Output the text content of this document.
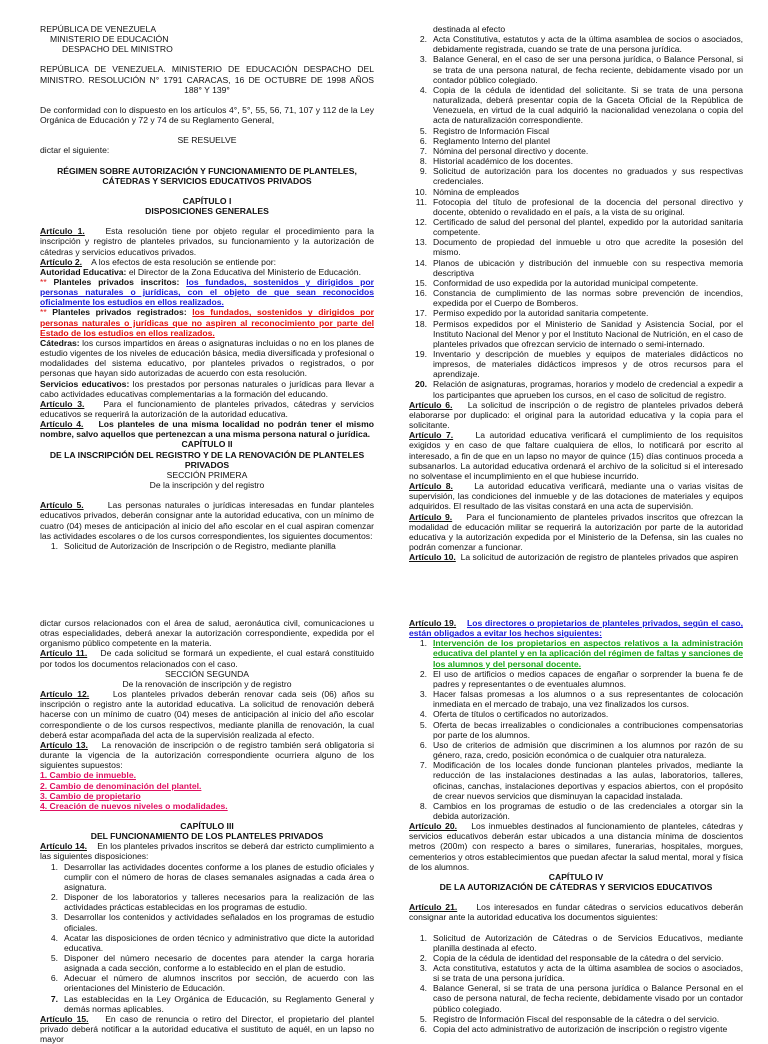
REPÚBLICA DE VENEZUELA

MINISTERIO DE EDUCACIÓN

DESPACHO DEL MINISTRO

REPÚBLICA DE VENEZUELA. MINISTERIO DE EDUCACIÓN DESPACHO DEL MINISTRO. RESOLUCIÓN N° 1791 CARACAS, 16 DE OCTUBRE DE 1998 AÑOS 188° Y 139°

De conformidad con lo dispuesto en los artículos 4°, 5°, 55, 56, 71, 107 y 112 de la Ley Orgánica de Educación y 72 y 74 de su Reglamento General,

SE RESUELVE

dictar el siguiente:

RÉGIMEN SOBRE AUTORIZACIÓN Y FUNCIONAMIENTO DE PLANTELES, CÁTEDRAS Y SERVICIOS EDUCATIVOS PRIVADOS

CAPÍTULO I

DISPOSICIONES GENERALES

Artículo 1. Esta resolución tiene por objeto regular el procedimiento para la inscripción y registro de planteles privados, su funcionamiento y la autorización de cátedras y servicios educativos privados.

Artículo 2. A los efectos de esta resolución se entiende por:

Autoridad Educativa: el Director de la Zona Educativa del Ministerio de Educación.

** Planteles privados inscritos: los fundados, sostenidos y dirigidos por personas naturales o jurídicas, con el objeto de que sean reconocidos oficialmente los estudios en ellos realizados.

** Planteles privados registrados: los fundados, sostenidos y dirigidos por personas naturales o jurídicas que no aspiren al reconocimiento por parte del Estado de los estudios en ellos realizados.

Cátedras: los cursos impartidos en áreas o asignaturas incluidas o no en los planes de estudio vigentes de los niveles de educación básica, media diversificada y profesional o modalidades del sistema educativo, por planteles privados o registrados, o por personas que hayan sido autorizadas de acuerdo con esta resolución.

Servicios educativos: los prestados por personas naturales o jurídicas para llevar a cabo actividades educativas complementarias a la formación del educando.

Artículo 3. Para el funcionamiento de planteles privados, cátedras y servicios educativos se requerirá la autorización de la autoridad educativa.

Artículo 4. Los planteles de una misma localidad no podrán tener el mismo nombre, salvo aquellos que pertenezcan a una misma persona natural o jurídica.

CAPÍTULO II

DE LA INSCRIPCIÓN DEL REGISTRO Y DE LA RENOVACIÓN DE PLANTELES PRIVADOS

SECCIÓN PRIMERA

De la inscripción y del registro

Artículo 5.	Las personas naturales o jurídicas interesadas en fundar planteles educativos privados, deberán consignar ante la autoridad educativa, con un mínimo de cuatro (04) meses de anticipación al inicio del año escolar en el cual aspiran comenzar las actividades escolares o de los cursos correspondientes, los siguientes documentos:

1. Solicitud de Autorización de Inscripción o de Registro, mediante planilla

destinada al efecto

2. Acta Constitutiva, estatutos y acta de la última asamblea de socios o asociados, debidamente registrada, cuando se trate de una persona jurídica.
3. Balance General, en el caso de ser una persona jurídica, o Balance Personal, si se trata de una persona natural, de fecha reciente, debidamente visado por un contador público colegiado.
4. Copia de la cédula de identidad del solicitante. Si se trata de una persona naturalizada, deberá presentar copia de la Gaceta Oficial de la República de Venezuela, en virtud de la cual adquirió la nacionalidad venezolana o copia del acta de naturalización correspondiente.
5. Registro de Información Fiscal
6. Reglamento Interno del plantel
7. Nómina del personal directivo y docente.
8. Historial académico de los docentes.
9. Solicitud de autorización para los docentes no graduados y sus respectivas credenciales.
10. Nómina de empleados
11. Fotocopia del título de profesional de la docencia del personal directivo y docente, obtenido o revalidado en el país, a la vista de su original.
12. Certificado de salud del personal del plantel, expedido por la autoridad sanitaria competente.
13. Documento de propiedad del inmueble u otro que acredite la posesión del mismo.
14. Planos de ubicación y distribución del inmueble con su respectiva memoria descriptiva
15. Conformidad de uso expedida por la autoridad municipal competente.
16. Constancia de cumplimiento de las normas sobre prevención de incendios, expedida por el Cuerpo de Bomberos.
17. Permiso expedido por la autoridad sanitaria competente.
18. Permisos expedidos por el Ministerio de Sanidad y Asistencia Social, por el Instituto Nacional del Menor y por el Instituto Nacional de Nutrición, en el caso de planteles privados que ofrezcan servicio de internado o semi-internado.
19. Inventario y descripción de muebles y equipos de materiales didácticos no impresos, de materiales didácticos impresos y de otros recursos para el aprendizaje.
20. Relación de asignaturas, programas, horarios y modelo de credencial a expedir a los participantes que aprueben los cursos, en el caso de solicitud de registro.

Artículo 6. La solicitud de inscripción o de registro de planteles privados deberá elaborarse por duplicado: el original para la autoridad educativa y la copia para el solicitante.

Artículo 7.	La autoridad educativa verificará el cumplimiento de los requisitos exigidos y en caso de que faltare cualquiera de ellos, lo notificará por escrito al interesado, a fin de que en un lapso no mayor de quince (15) días continuos proceda a subsanarlos. La autoridad educativa ordenará el archivo de la solicitud si el interesado no solventase el incumplimiento en el que hubiese incurrido.

Artículo 8. La autoridad educativa verificará, mediante una o varias visitas de supervisión, las condiciones del inmueble y de las dotaciones de materiales y equipos adquiridos. El resultado de las visitas constará en una acta de supervisión.

Artículo 9. Para el funcionamiento de planteles privados inscritos que ofrezcan la modalidad de educación militar se requerirá la autorización por parte de la autoridad educativa y la autorización expedida por el Ministerio de la Defensa, sin las cuales no podrán comenzar a funcionar.

Artículo 10. La solicitud de autorización de registro de planteles privados que aspiren

dictar cursos relacionados con el área de salud, aeronáutica civil, comunicaciones u otras especialidades, deberá anexar la autorización correspondiente, expedida por el organismo público competente en la materia.

Artículo 11. De cada solicitud se formará un expediente, el cual estará constituido por todos los documentos relacionados con el caso.

SECCIÓN SEGUNDA

De la renovación de inscripción y de registro

Artículo 12.	Los planteles privados deberán renovar cada seis (06) años su inscripción o registro ante la autoridad educativa. La solicitud de renovación deberá hacerse con un mínimo de cuatro (04) meses de anticipación al inicio del año escolar correspondiente o de los cursos respectivos, mediante planilla de renovación, la cual deberá estar acompañada del acta de la supervisión realizada al efecto.

Artículo 13. La renovación de inscripción o de registro también será obligatoria si durante la vigencia de la autorización correspondiente ocurriera alguno de los siguientes supuestos:

1. Cambio de inmueble.

2. Cambio de denominación del plantel.

3. Cambio de propietario

4. Creación de nuevos niveles o modalidades.

CAPÍTULO III

DEL FUNCIONAMIENTO DE LOS PLANTELES PRIVADOS

Artículo 14. En los planteles privados inscritos se deberá dar estricto cumplimiento a las siguientes disposiciones:

1. Desarrollar las actividades docentes conforme a los planes de estudio oficiales y cumplir con el número de horas de clases semanales asignadas a cada área o asignatura.
2. Disponer de los laboratorios y talleres necesarios para la realización de las actividades prácticas establecidas en los programas de estudio.
3. Desarrollar los contenidos y actividades señalados en los programas de estudio oficiales.
4. Acatar las disposiciones de orden técnico y administrativo que dicte la autoridad educativa.
5. Disponer del número necesario de docentes para atender la carga horaria asignada a cada sección, conforme a lo establecido en el plan de estudio.
6. Adecuar el número de alumnos inscritos por sección, de acuerdo con las orientaciones del Ministerio de Educación.
7. Las establecidas en la Ley Orgánica de Educación, su Reglamento General y demás normas aplicables.

Artículo 15. En caso de renuncia o retiro del Director, el propietario del plantel privado deberá notificar a la autoridad educativa el sustituto de aquél, en un lapso no mayor

Artículo 19. Los directores o propietarios de planteles privados, según el caso, están obligados a evitar los hechos siguientes:

1. Intervención de los propietarios en aspectos relativos a la administración educativa del plantel y en la aplicación del régimen de faltas y sanciones de los alumnos y del personal docente.
2. El uso de artificios o medios capaces de engañar o sorprender la buena fe de padres y representantes o de eventuales alumnos.
3. Hacer falsas promesas a los alumnos o a sus representantes de colocación inmediata en el mercado de trabajo, una vez finalizados los cursos.
4. Oferta de títulos o certificados no autorizados.
5. Oferta de becas irrealizables o condicionales a contribuciones compensatorias por parte de los alumnos.
6. Uso de criterios de admisión que discriminen a los alumnos por razón de su género, raza, credo, posición económica o de cualquier otra naturaleza.
7. Modificación de los locales donde funcionan planteles privados, mediante la reducción de las instalaciones destinadas a las aulas, laboratorios, talleres, oficinas, canchas, instalaciones deportivas y espacios abiertos, con el propósito de crear nuevos servicios que disminuyan la capacidad instalada.
8. Cambios en los programas de estudio o de las credenciales a otorgar sin la debida autorización.

Artículo 20. Los inmuebles destinados al funcionamiento de planteles, cátedras y servicios educativos deberán estar ubicados a una distancia mínima de doscientos metros (200m) con respecto a bares o similares, funerarias, hospitales, morgues, cementerios y otros establecimientos que puedan afectar la salud mental, moral y física de los alumnos.

CAPÍTULO IV

DE LA AUTORIZACIÓN DE CÁTEDRAS Y SERVICIOS EDUCATIVOS

Artículo 21. Los interesados en fundar cátedras o servicios educativos deberán consignar ante la autoridad educativa los documentos siguientes:

1. Solicitud de Autorización de Cátedras o de Servicios Educativos, mediante planilla destinada al efecto.
2. Copia de la cédula de identidad del responsable de la cátedra o del servicio.
3. Acta constitutiva, estatutos y acta de la última asamblea de socios o asociados, si se trata de una persona jurídica.
4. Balance General, si se trata de una persona jurídica o Balance Personal en el caso de persona natural, de fecha reciente, debidamente visado por un contador público colegiado.
5. Registro de Información Fiscal del responsable de la cátedra o del servicio.
6. Copia del acto administrativo de autorización de inscripción o registro vigente
